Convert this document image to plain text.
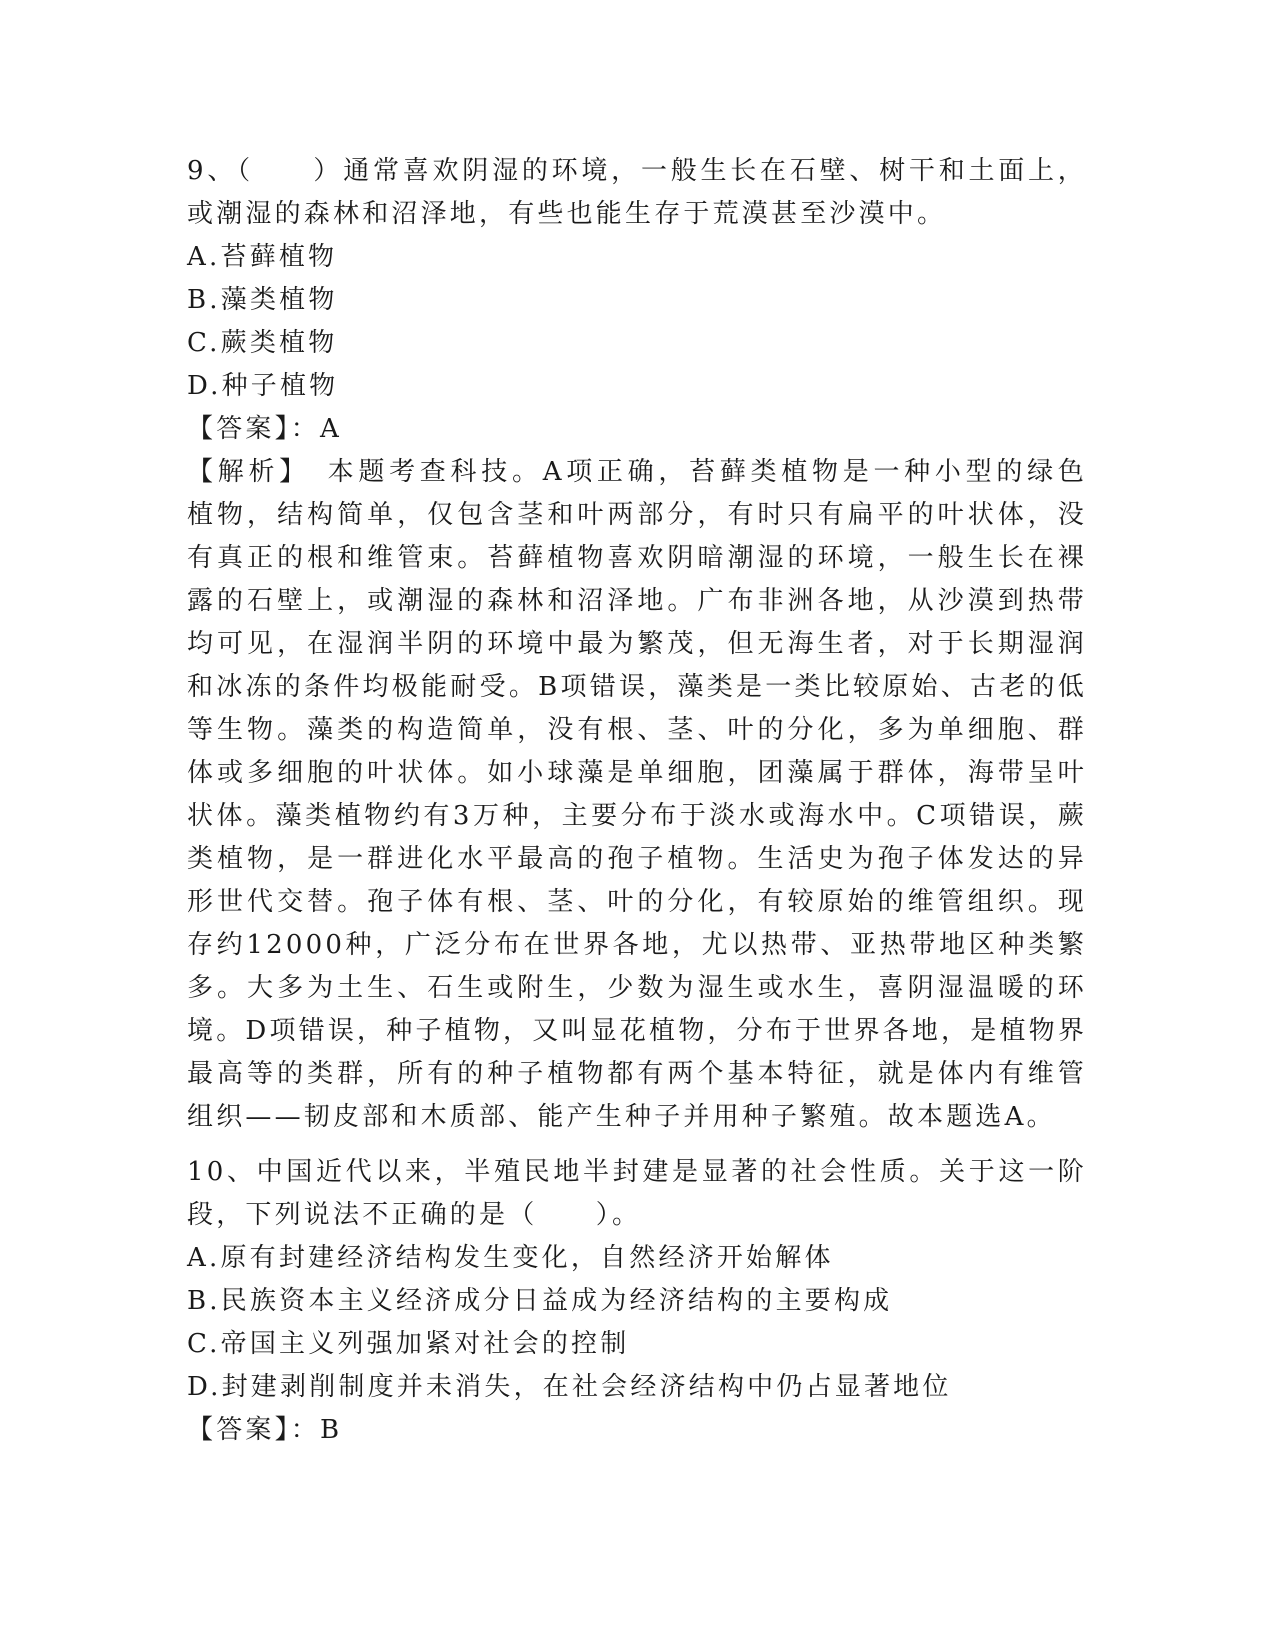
9、（　　）通常喜欢阴湿的环境，一般生长在石壁、树干和土面上，
或潮湿的森林和沼泽地，有些也能生存于荒漠甚至沙漠中。
A.苔藓植物
B.藻类植物
C.蕨类植物
D.种子植物
【答案】：A
【解析】　本题考查科技。A项正确，苔藓类植物是一种小型的绿色
植物，结构简单，仅包含茎和叶两部分，有时只有扁平的叶状体，没
有真正的根和维管束。苔藓植物喜欢阴暗潮湿的环境，一般生长在裸
露的石壁上，或潮湿的森林和沼泽地。广布非洲各地，从沙漠到热带
均可见，在湿润半阴的环境中最为繁茂，但无海生者，对于长期湿润
和冰冻的条件均极能耐受。B项错误，藻类是一类比较原始、古老的低
等生物。藻类的构造简单，没有根、茎、叶的分化，多为单细胞、群
体或多细胞的叶状体。如小球藻是单细胞，团藻属于群体，海带呈叶
状体。藻类植物约有3万种，主要分布于淡水或海水中。C项错误，蕨
类植物，是一群进化水平最高的孢子植物。生活史为孢子体发达的异
形世代交替。孢子体有根、茎、叶的分化，有较原始的维管组织。现
存约12000种，广泛分布在世界各地，尤以热带、亚热带地区种类繁
多。大多为土生、石生或附生，少数为湿生或水生，喜阴湿温暖的环
境。D项错误，种子植物，又叫显花植物，分布于世界各地，是植物界
最高等的类群，所有的种子植物都有两个基本特征，就是体内有维管
组织——韧皮部和木质部、能产生种子并用种子繁殖。故本题选A。
10、中国近代以来，半殖民地半封建是显著的社会性质。关于这一阶
段，下列说法不正确的是（　　）。
A.原有封建经济结构发生变化，自然经济开始解体
B.民族资本主义经济成分日益成为经济结构的主要构成
C.帝国主义列强加紧对社会的控制
D.封建剥削制度并未消失，在社会经济结构中仍占显著地位
【答案】：B
